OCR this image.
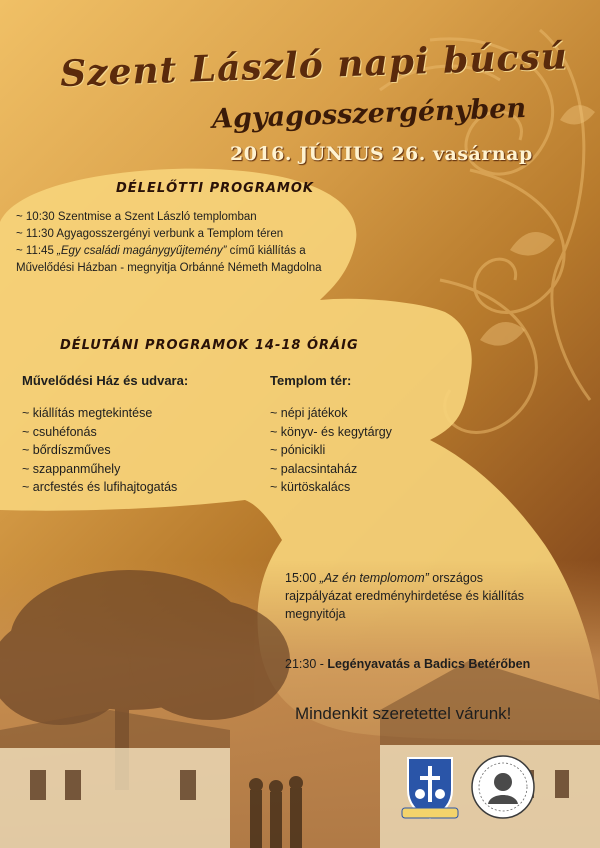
Szent László napi búcsú
Agyagosszergényben
2016. JÚNIUS 26. vasárnap
DÉLELŐTTI PROGRAMOK
~ 10:30 Szentmise a Szent László templomban
~ 11:30 Agyagosszergényi verbunk a Templom téren
~ 11:45 „Egy családi magánygyűjtemény” című kiállítás a
Művelődési Házban - megnyitja Orbánné Németh Magdolna
DÉLUTÁNI PROGRAMOK 14-18 ÓRÁIG
Művelődési Ház és udvara:
~ kiállítás megtekintése
~ csuhéfonás
~ bőrdíszműves
~ szappanműhely
~ arcfestés és lufihajtogatás
Templom tér:
~ népi játékok
~ könyv- és kegytárgy
~ pónicikli
~ palacsintaház
~ kürtöskalács
15:00 „Az én templomom” országos
rajzpályázat eredményhirdetése és kiállítás
megnyitója
21:30 - Legényavatás a Badics Betérőben
Mindenkit szeretettel várunk!
